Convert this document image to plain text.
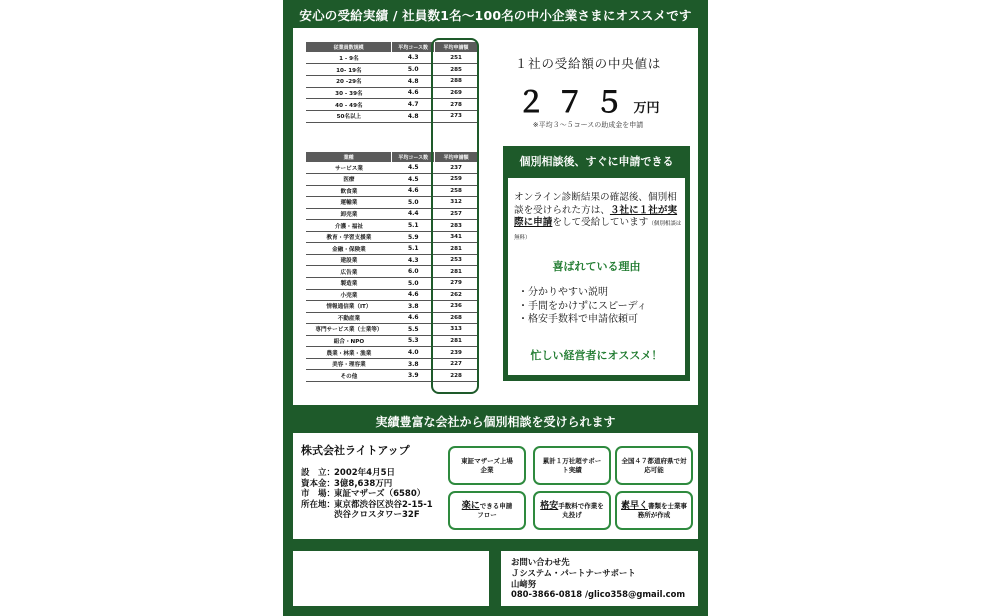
安心の受給実績 / 社員数1名〜100名の中小企業さまにオススメです
従業員数規模	平均コース数	平均申請額
1 - 9名	4.3	251
10- 19名	5.0	285
20 -29名	4.8	288
30 - 39名	4.6	269
40 - 49名	4.7	278
50名以上	4.8	273
業種	平均コース数	平均申請額
サービス業	4.5	237
医療	4.5	259
飲食業	4.6	258
運輸業	5.0	312
卸売業	4.4	257
介護・福祉	5.1	283
教育・学習支援業	5.9	341
金融・保険業	5.1	281
建設業	4.3	253
広告業	6.0	281
製造業	5.0	279
小売業	4.6	262
情報通信業（IT）	3.8	236
不動産業	4.6	268
専門サービス業（士業等）	5.5	313
組合・NPO	5.3	281
農業・林業・漁業	4.0	239
美容・理容業	3.8	227
その他	3.9	228
１社の受給額の中央値は
２７５万円
※平均３〜５コースの助成金を申請
個別相談後、すぐに申請できる
オンライン診断結果の確認後、個別相談を受けられた方は、３社に１社が実際に申請をして受給しています（個別相談は無料）
喜ばれている理由
・分かりやすい説明
・手間をかけずにスピーディ
・格安手数料で申請依頼可
忙しい経営者にオススメ！
実績豊富な会社から個別相談を受けられます
株式会社ライトアップ
設　立：
2002年4月5日
資本金：
3億8,638万円
市　場：
東証マザーズ（6580）
所在地：
東京都渋谷区渋谷2-15-1
渋谷クロスタワー32F
東証マザーズ上場企業
累計１万社超サポート実績
全国４７都道府県で対応可能
楽にできる申請フロー
格安手数料で作業を丸投げ
素早く書類を士業事務所が作成
お問い合わせ先
Ｊシステム・パートナーサポート
山﨑努
080-3866-0818 /glico358@gmail.com
